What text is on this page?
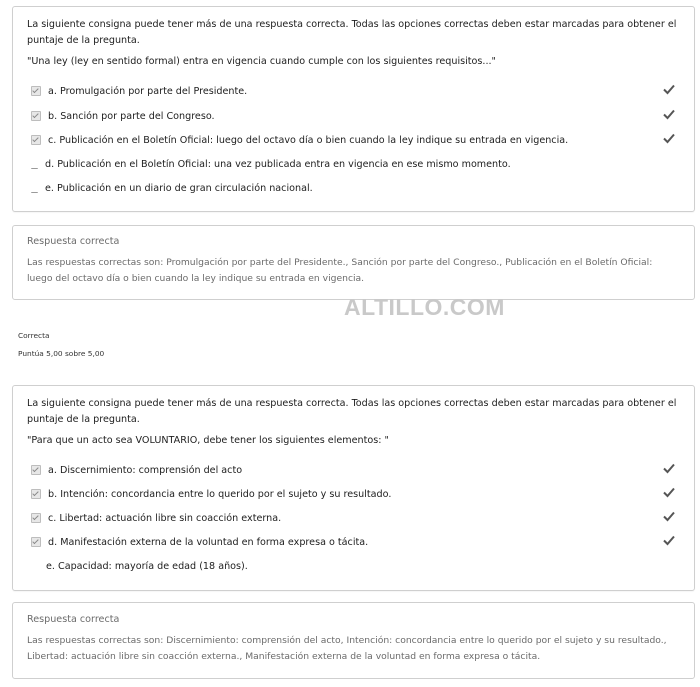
La siguiente consigna puede tener más de una respuesta correcta. Todas las opciones correctas deben estar marcadas para obtener el puntaje de la pregunta.

"Una ley (ley en sentido formal) entra en vigencia cuando cumple con los siguientes requisitos..."

a. Promulgación por parte del Presidente.
b. Sanción por parte del Congreso.
c. Publicación en el Boletín Oficial: luego del octavo día o bien cuando la ley indique su entrada en vigencia.
d. Publicación en el Boletín Oficial: una vez publicada entra en vigencia en ese mismo momento.
e. Publicación en un diario de gran circulación nacional.
Respuesta correcta
Las respuestas correctas son: Promulgación por parte del Presidente., Sanción por parte del Congreso., Publicación en el Boletín Oficial: luego del octavo día o bien cuando la ley indique su entrada en vigencia.
ALTILLO.COM
Correcta
Puntúa 5,00 sobre 5,00

La siguiente consigna puede tener más de una respuesta correcta. Todas las opciones correctas deben estar marcadas para obtener el puntaje de la pregunta.

"Para que un acto sea VOLUNTARIO, debe tener los siguientes elementos: "

a. Discernimiento: comprensión del acto
b. Intención: concordancia entre lo querido por el sujeto y su resultado.
c. Libertad: actuación libre sin coacción externa.
d. Manifestación externa de la voluntad en forma expresa o tácita.
e. Capacidad: mayoría de edad (18 años).
Respuesta correcta
Las respuestas correctas son: Discernimiento: comprensión del acto, Intención: concordancia entre lo querido por el sujeto y su resultado., Libertad: actuación libre sin coacción externa., Manifestación externa de la voluntad en forma expresa o tácita.
